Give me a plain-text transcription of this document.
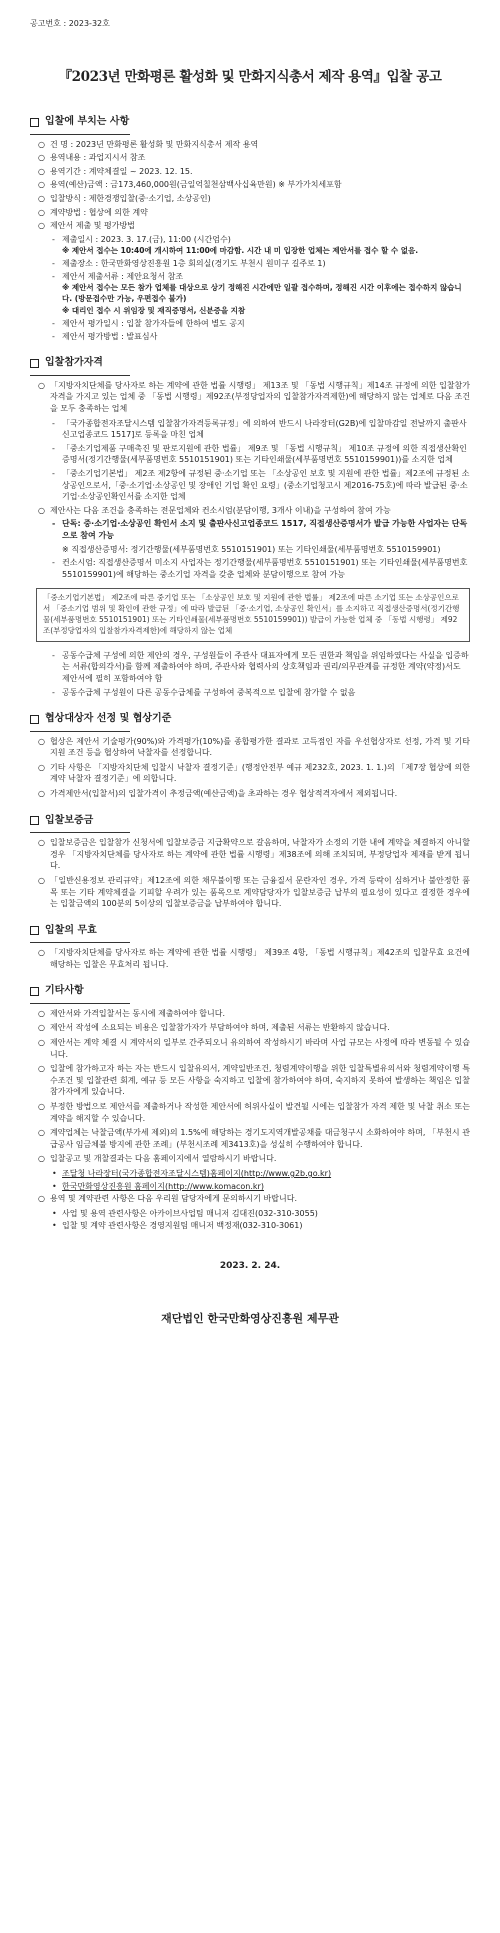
공고번호 : 2023-32호
『2023년 만화평론 활성화 및 만화지식총서 제작 용역』입찰 공고
입찰에 부치는 사항
○ 건 명 : 2023년 만화평론 활성화 및 만화지식총서 제작 용역
○ 용역내용 : 과업지시서 참조
○ 용역기간 : 계약체결일 ~ 2023. 12. 15.
○ 용역(예산)금액 : 금173,460,000원(금일억칠천삼백사십육만원) ※ 부가가치세포함
○ 입찰방식 : 제한경쟁입찰(중·소기업, 소상공인)
○ 계약방법 : 협상에 의한 계약
○ 제안서 제출 및 평가방법
- 제출일시 : 2023. 3. 17.(금), 11:00 (시간엄수)
※ 제안서 접수는 10:40에 개시하여 11:00에 마감함. 시간 내 미 입장한 업체는 제안서를 접수 할 수 없음.
- 제출장소 : 한국만화영상진흥원 1층 회의실(경기도 부천시 원미구 길주로 1)
- 제안서 제출서류 : 제안요청서 참조
※ 제안서 접수는 모든 참가 업체를 대상으로 상기 정해진 시간에만 일괄 접수하며, 정해진 시간 이후에는 접수하지 않습니다. (방문접수만 가능, 우편접수 불가)
※ 대리인 접수 시 위임장 및 재직증명서, 신분증을 지참
- 제안서 평가일시 : 입찰 참가자들에 한하여 별도 공지
- 제안서 평가방법 : 발표심사
입찰참가자격
○ 「지방자치단체를 당사자로 하는 계약에 관한 법률 시행령」 제13조 및 「동법 시행규칙」제14조 규정에 의한 입찰참가자격을 가지고 있는 업체 중 「동법 시행령」제92조(부정당업자의 입찰참가자격제한)에 해당하지 않는 업체로 다음 조건을 모두 충족하는 업체
- 「국가종합전자조달시스템 입찰참가자격등록규정」에 의하여 반드시 나라장터(G2B)에 입찰마감일 전날까지 출판사신고업종코드 1517]로 등록을 마친 업체
- 「중소기업제품 구매촉진 및 판로지원에 관한 법률」 제9조 및 「동법 시행규칙」 제10조 규정에 의한 직접생산확인증명서(정기간행물(세부품명번호 5510151901) 또는 기타인쇄물(세부품명번호 5510159901))를 소지한 업체
- 「중소기업기본법」 제2조 제2항에 규정된 중·소기업 또는 「소상공인 보호 및 지원에 관한 법률」제2조에 규정된 소상공인으로서,「중·소기업·소상공인 및 장애인 기업 확인 요령」(중소기업청고시 제2016-75호)에 따라 발급된 중·소기업·소상공인확인서를 소지한 업체
○ 제안사는 다음 조건을 충족하는 전문업체와 컨소시엄(분담이행, 3개사 이내)을 구성하여 참여 가능
- 단독: 중·소기업·소상공인 확인서 소지 및 출판사신고업종코드 1517, 직접생산증명서가 발급 가능한 사업자는 단독으로 참여 가능
※ 직접생산증명서: 정기간행물(세부품명번호 5510151901) 또는 기타인쇄물(세부품명번호 5510159901)
- 컨소시엄: 직접생산증명서 미소지 사업자는 정기간행물(세부품명번호 5510151901) 또는 기타인쇄물(세부품명번호 5510159901)에 해당하는 중소기업 자격을 갖춘 업체와 분담이행으로 참여 가능
「중소기업기본법」 제2조에 따른 중기업 또는 「소상공인 보호 및 지원에 관한 법률」 제2조에 따른 소기업 또는 소상공인으로서 「중소기업 범위 및 확인에 관한 규정」에 따라 발급된 「중·소기업, 소상공인 확인서」를 소지하고 직접생산증명서(정기간행물(세부품명번호 5510151901) 또는 기타인쇄물(세부품명번호 5510159901)) 발급이 가능한 업체 중 「동법 시행령」 제92조(부정당업자의 입찰참가자격제한)에 해당하지 않는 업체
- 공동수급체 구성에 의한 제안의 경우, 구성원들이 주관사 대표자에게 모든 권한과 책임을 위임하였다는 사실을 입증하는 서류(합의각서)를 함께 제출하여야 하며, 주관사와 협력사의 상호책임과 권리/의무관계를 규정한 계약(약정)서도 제안서에 필히 포함하여야 함
- 공동수급체 구성원이 다른 공동수급체를 구성하여 중복적으로 입찰에 참가할 수 없음
협상대상자 선정 및 협상기준
○ 협상은 제안서 기술평가(90%)와 가격평가(10%)를 종합평가한 결과로 고득점인 자를 우선협상자로 선정, 가격 및 기타 지원 조건 등을 협상하여 낙찰자를 선정합니다.
○ 기타 사항은 「지방자치단체 입찰시 낙찰자 결정기준」(행정안전부 예규 제232호, 2023. 1. 1.)의 「제7장 협상에 의한 계약 낙찰자 결정기준」에 의합니다.
○ 가격제안서(입찰서)의 입찰가격이 추정금액(예산금액)을 초과하는 경우 협상적격자에서 제외됩니다.
입찰보증금
○ 입찰보증금은 입찰참가 신청서에 입찰보증금 지급확약으로 갈음하며, 낙찰자가 소정의 기한 내에 계약을 체결하지 아니할 경우 「지방자치단체를 당사자로 하는 계약에 관한 법률 시행령」제38조에 의해 조치되며, 부정당업자 제재를 받게 됩니다.
○ 「일반신용정보 관리규약」제12조에 의한 채무불이행 또는 금융질서 문란자인 경우, 가격 등락이 심하거나 불안정한 품목 또는 기타 계약체결을 기피할 우려가 있는 품목으로 계약담당자가 입찰보증금 납부의 필요성이 있다고 결정한 경우에는 입찰금액의 100분의 5이상의 입찰보증금을 납부하여야 합니다.
입찰의 무효
○ 「지방자치단체를 당사자로 하는 계약에 관한 법률 시행령」 제39조 4항, 「동법 시행규칙」제42조의 입찰무효 요건에 해당하는 입찰은 무효처리 됩니다.
기타사항
○ 제안서와 가격입찰서는 동시에 제출하여야 합니다.
○ 제안서 작성에 소요되는 비용은 입찰참가자가 부담하여야 하며, 제출된 서류는 반환하지 않습니다.
○ 제안서는 계약 체결 시 계약서의 일부로 간주되오니 유의하여 작성하시기 바라며 사업 규모는 사정에 따라 변동될 수 있습니다.
○ 입찰에 참가하고자 하는 자는 반드시 입찰유의서, 계약일반조건, 청렴계약이행을 위한 입찰특별유의서와 청렴계약이행 특수조건 및 입찰관련 회계, 예규 등 모든 사항을 숙지하고 입찰에 참가하여야 하며, 숙지하지 못하여 발생하는 책임은 입찰참가자에게 있습니다.
○ 부정한 방법으로 제안서를 제출하거나 작성한 제안서에 허위사실이 발견될 시에는 입찰참가 자격 제한 및 낙찰 취소 또는 계약을 해지할 수 있습니다.
○ 계약업체는 낙찰금액(부가세 제외)의 1.5%에 해당하는 경기도지역개발공채를 대금청구시 소화하여야 하며, 「부천시 관급공사 임금체불 방지에 관한 조례」(부천시조례 제3413호)을 성실히 수행하여야 합니다.
○ 입찰공고 및 개찰결과는 다음 홈페이지에서 열람하시기 바랍니다.
• 조달청 나라장터(국가종합전자조달시스템)홈페이지(http://www.g2b.go.kr)
• 한국만화영상진흥원 홈페이지(http://www.komacon.kr)
○ 용역 및 계약관련 사항은 다음 우리원 담당자에게 문의하시기 바랍니다.
• 사업 및 용역 관련사항은 아카이브사업팀 매니저 김대진(032-310-3055)
• 입찰 및 계약 관련사항은 경영지원팀 매니저 백정재(032-310-3061)
2023. 2. 24.
재단법인 한국만화영상진흥원 제무관
